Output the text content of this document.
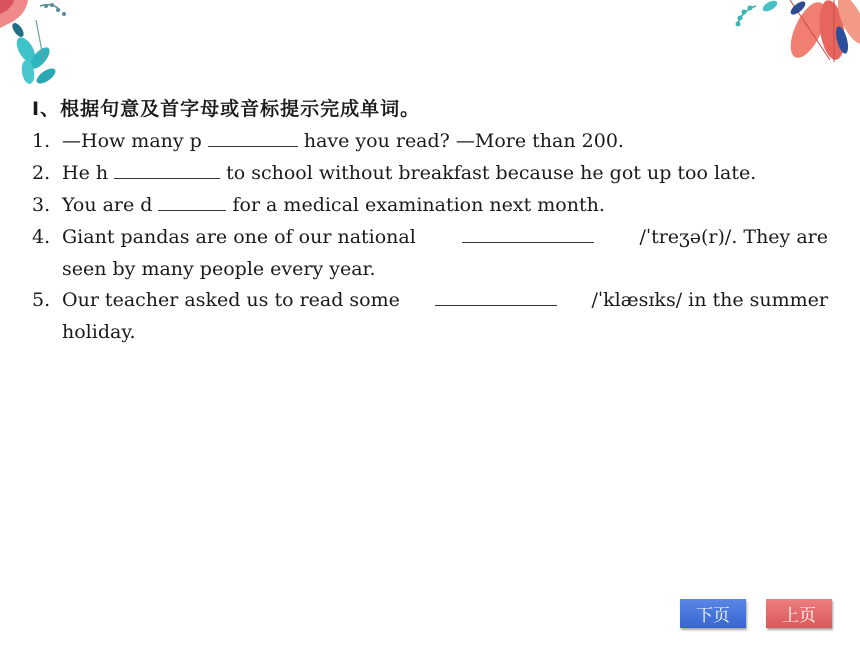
Ⅰ、根据句意及首字母或音标提示完成单词。
1. —How many p	have you read? —More than 200.
2. He h	to school without breakfast because he got up too late.
3. You are d	for a medical examination next month.
4. Giant pandas are one of our national	/ˈtreʒə(r)/. They are
seen by many people every year.
5. Our teacher asked us to read some	/ˈklæsɪks/ in the summer
holiday.
下页	上页
